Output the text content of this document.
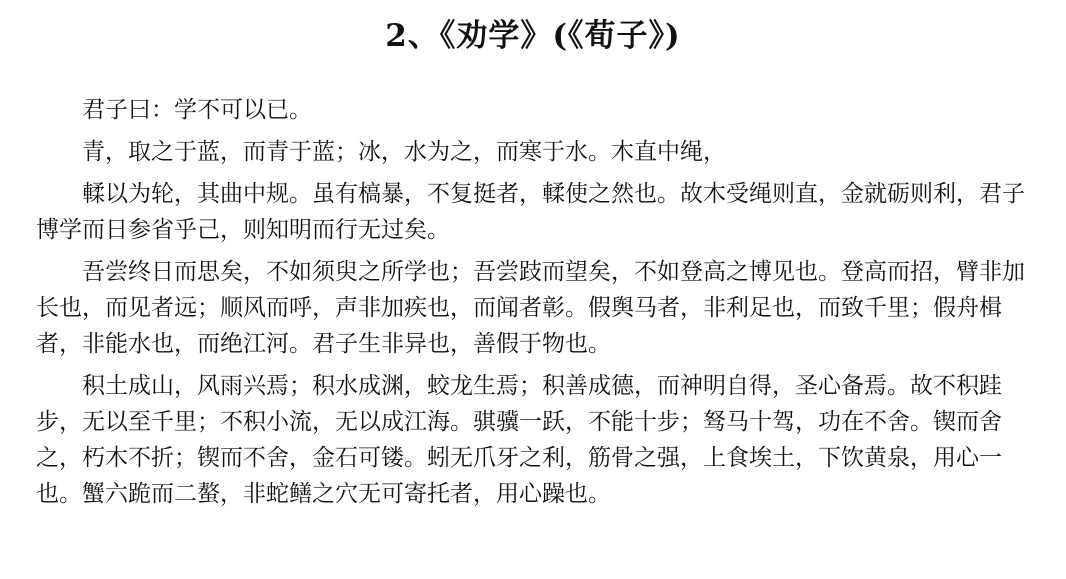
2、《劝学》(《荀子》)

君子曰：学不可以已。

青，取之于蓝，而青于蓝；冰，水为之，而寒于水。木直中绳，

輮以为轮，其曲中规。虽有槁暴，不复挺者，輮使之然也。故木受绳则直，金就砺则利，君子博学而日参省乎己，则知明而行无过矣。

吾尝终日而思矣，不如须臾之所学也；吾尝跂而望矣，不如登高之博见也。登高而招，臂非加长也，而见者远；顺风而呼，声非加疾也，而闻者彰。假舆马者，非利足也，而致千里；假舟楫者，非能水也，而绝江河。君子生非异也，善假于物也。

积土成山，风雨兴焉；积水成渊，蛟龙生焉；积善成德，而神明自得，圣心备焉。故不积跬步，无以至千里；不积小流，无以成江海。骐骥一跃，不能十步；驽马十驾，功在不舍。锲而舍之，朽木不折；锲而不舍，金石可镂。蚓无爪牙之利，筋骨之强，上食埃土，下饮黄泉，用心一也。蟹六跪而二螯，非蛇鳝之穴无可寄托者，用心躁也。
